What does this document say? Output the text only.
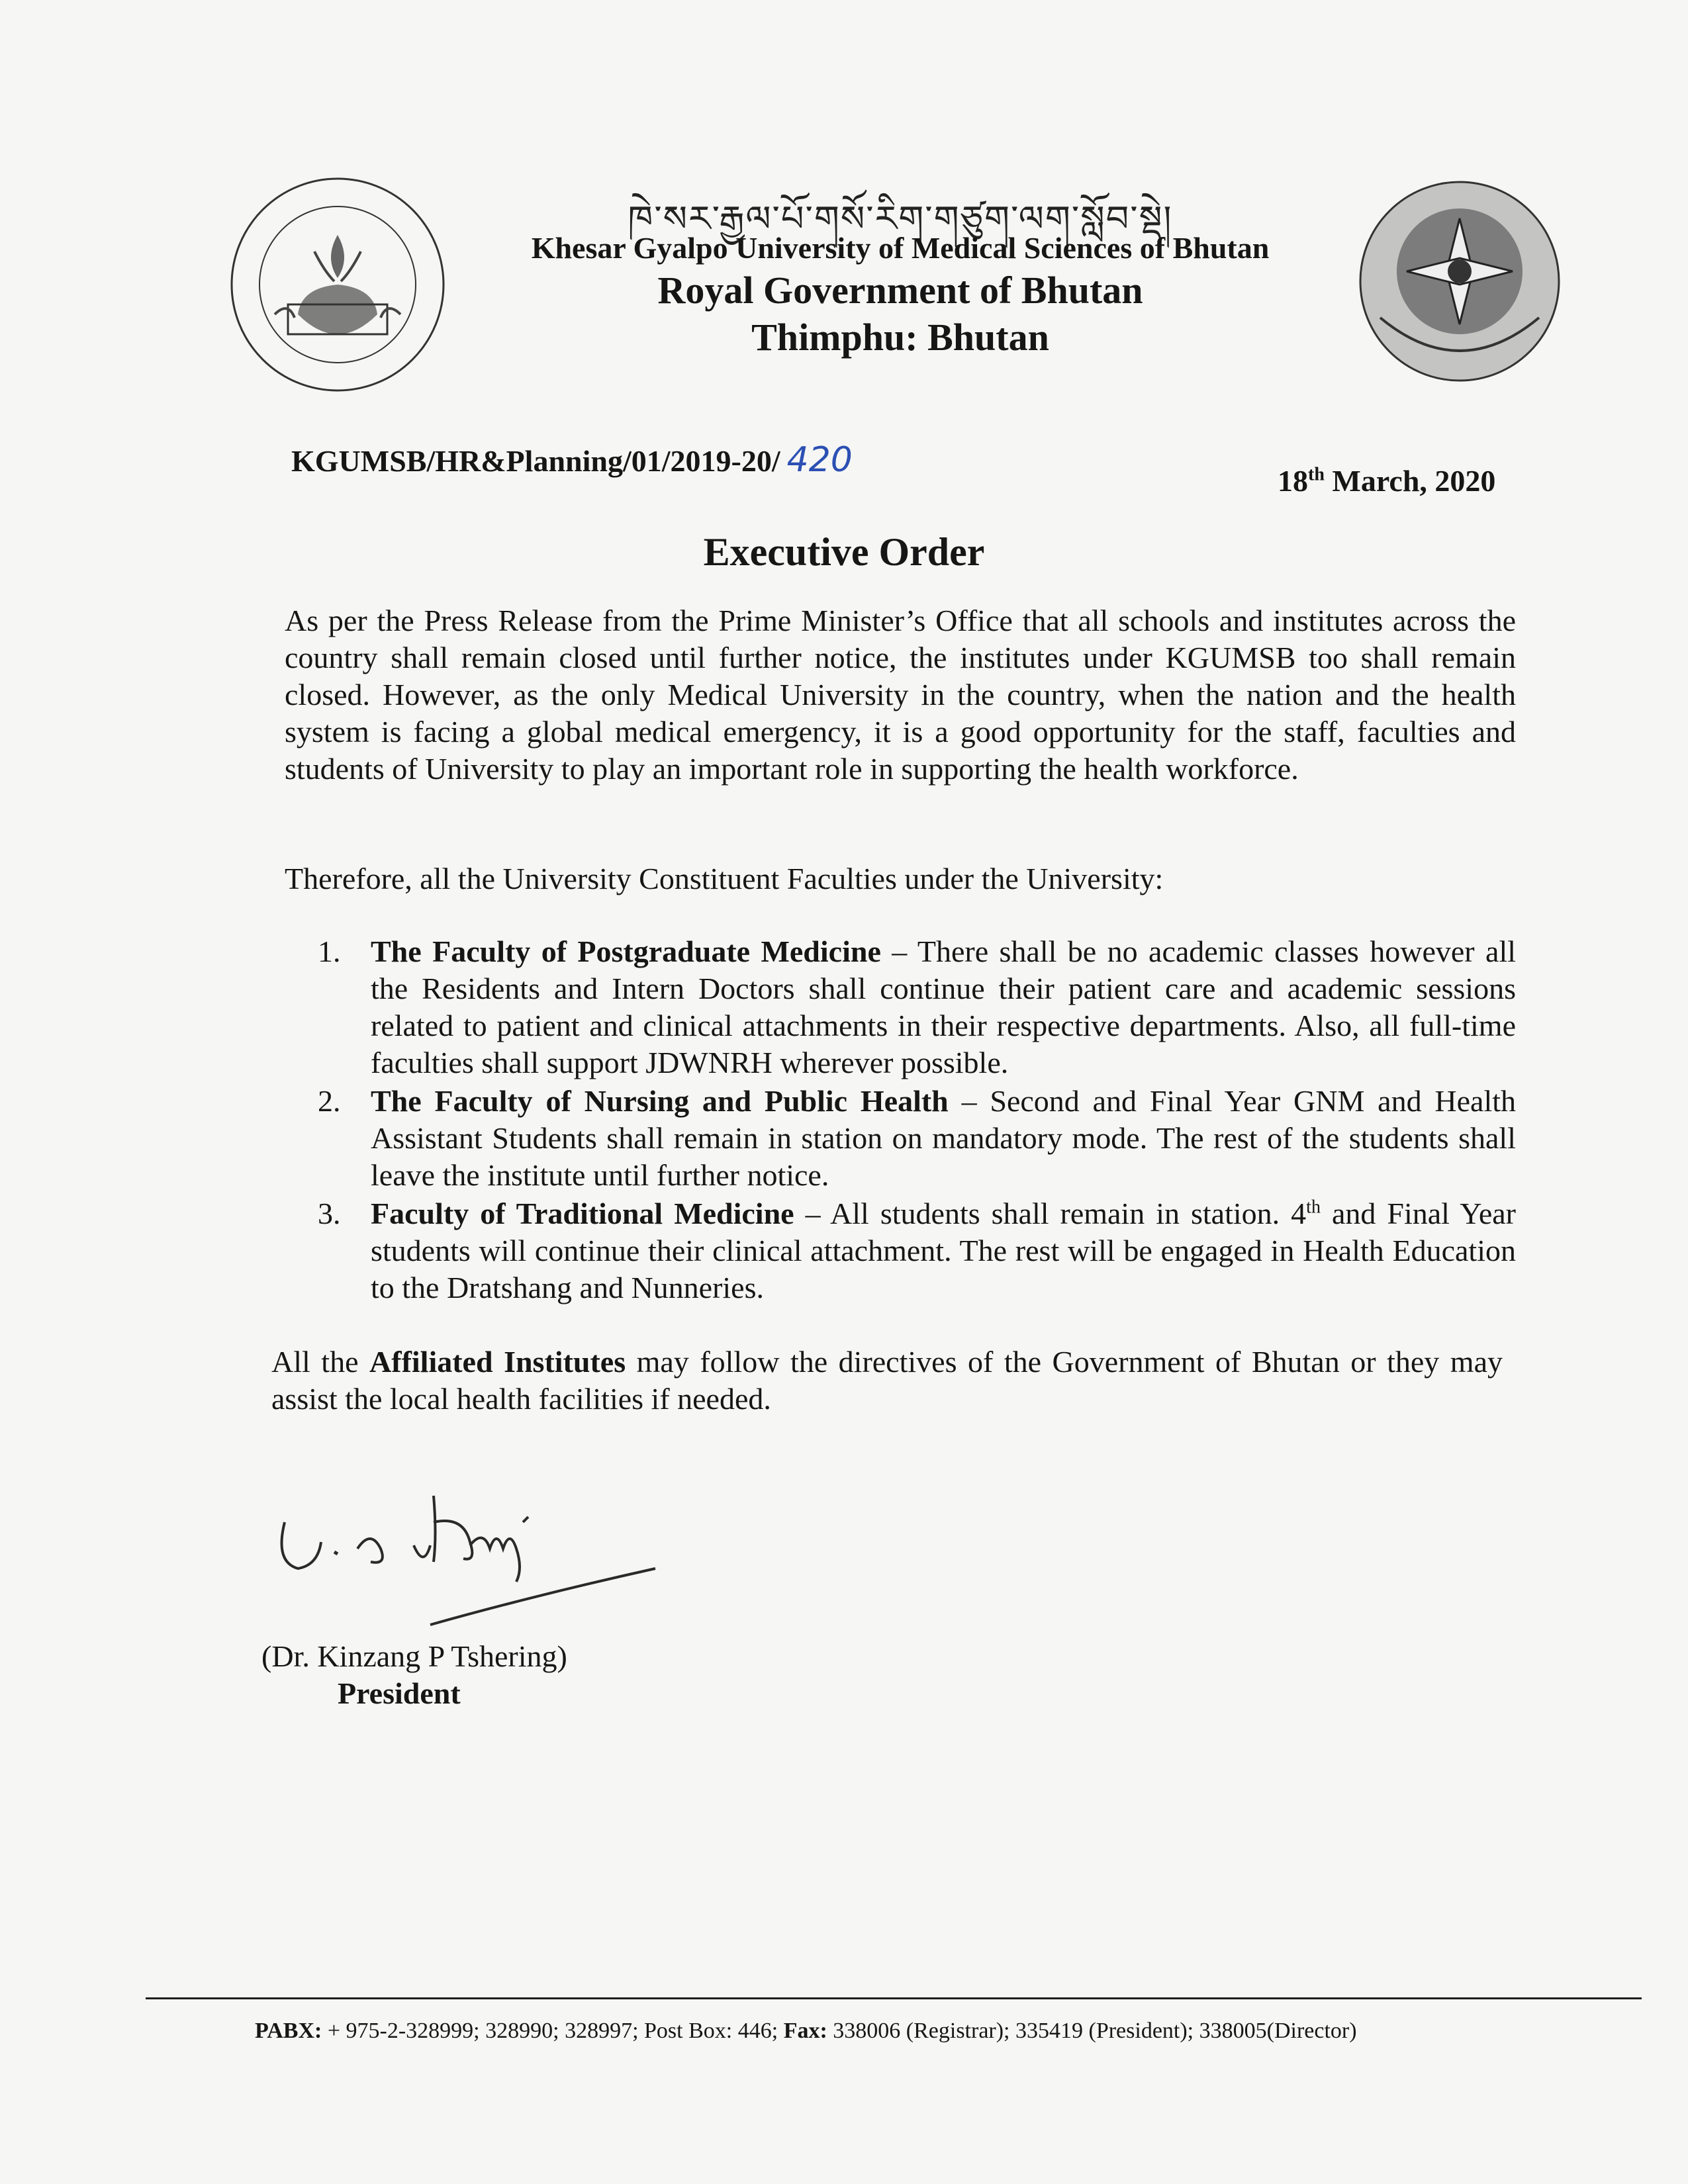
ཁེ་སར་རྒྱལ་པོ་གསོ་རིག་གཙུག་ལག་སློབ་སྡེ།
Khesar Gyalpo University of Medical Sciences of Bhutan
Royal Government of Bhutan
Thimphu: Bhutan
KGUMSB/HR&Planning/01/2019-20/ 420
18th March, 2020
Executive Order
As per the Press Release from the Prime Minister’s Office that all schools and institutes across the country shall remain closed until further notice, the institutes under KGUMSB too shall remain closed. However, as the only Medical University in the country, when the nation and the health system is facing a global medical emergency, it is a good opportunity for the staff, faculties and students of University to play an important role in supporting the health workforce.
Therefore, all the University Constituent Faculties under the University:
1. The Faculty of Postgraduate Medicine – There shall be no academic classes however all the Residents and Intern Doctors shall continue their patient care and academic sessions related to patient and clinical attachments in their respective departments. Also, all full-time faculties shall support JDWNRH wherever possible.
2. The Faculty of Nursing and Public Health – Second and Final Year GNM and Health Assistant Students shall remain in station on mandatory mode. The rest of the students shall leave the institute until further notice.
3. Faculty of Traditional Medicine – All students shall remain in station. 4th and Final Year students will continue their clinical attachment. The rest will be engaged in Health Education to the Dratshang and Nunneries.
All the Affiliated Institutes may follow the directives of the Government of Bhutan or they may assist the local health facilities if needed.
(Dr. Kinzang P Tshering)
President
PABX: + 975-2-328999; 328990; 328997; Post Box: 446; Fax: 338006 (Registrar); 335419 (President); 338005(Director)
